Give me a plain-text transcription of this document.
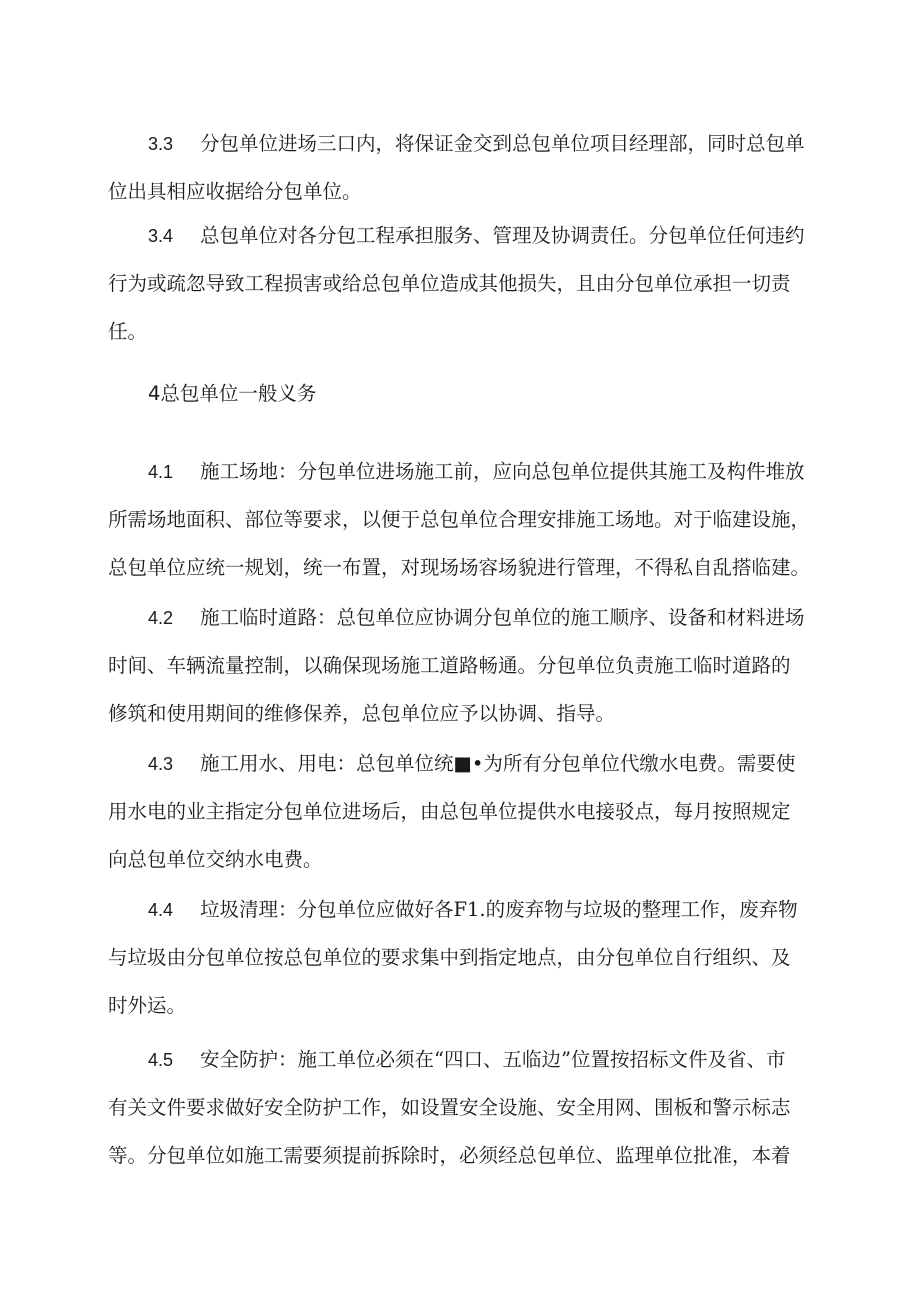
3.3 分包单位进场三口内，将保证金交到总包单位项目经理部，同时总包单
位出具相应收据给分包单位。

3.4 总包单位对各分包工程承担服务、管理及协调责任。分包单位任何违约
行为或疏忽导致工程损害或给总包单位造成其他损失，且由分包单位承担一切责
任。

4总包单位一般义务

4.1 施工场地：分包单位进场施工前，应向总包单位提供其施工及构件堆放
所需场地面积、部位等要求，以便于总包单位合理安排施工场地。对于临建设施，
总包单位应统一规划，统一布置，对现场场容场貌进行管理，不得私自乱搭临建。

4.2 施工临时道路：总包单位应协调分包单位的施工顺序、设备和材料进场
时间、车辆流量控制，以确保现场施工道路畅通。分包单位负责施工临时道路的
修筑和使用期间的维修保养，总包单位应予以协调、指导。

4.3 施工用水、用电：总包单位统■•为所有分包单位代缴水电费。需要使
用水电的业主指定分包单位进场后，由总包单位提供水电接驳点，每月按照规定
向总包单位交纳水电费。

4.4 垃圾清理：分包单位应做好各F1.的废弃物与垃圾的整理工作，废弃物
与垃圾由分包单位按总包单位的要求集中到指定地点，由分包单位自行组织、及
时外运。

4.5 安全防护：施工单位必须在“四口、五临边”位置按招标文件及省、市
有关文件要求做好安全防护工作，如设置安全设施、安全用网、围板和警示标志
等。分包单位如施工需要须提前拆除时，必须经总包单位、监理单位批准，本着
